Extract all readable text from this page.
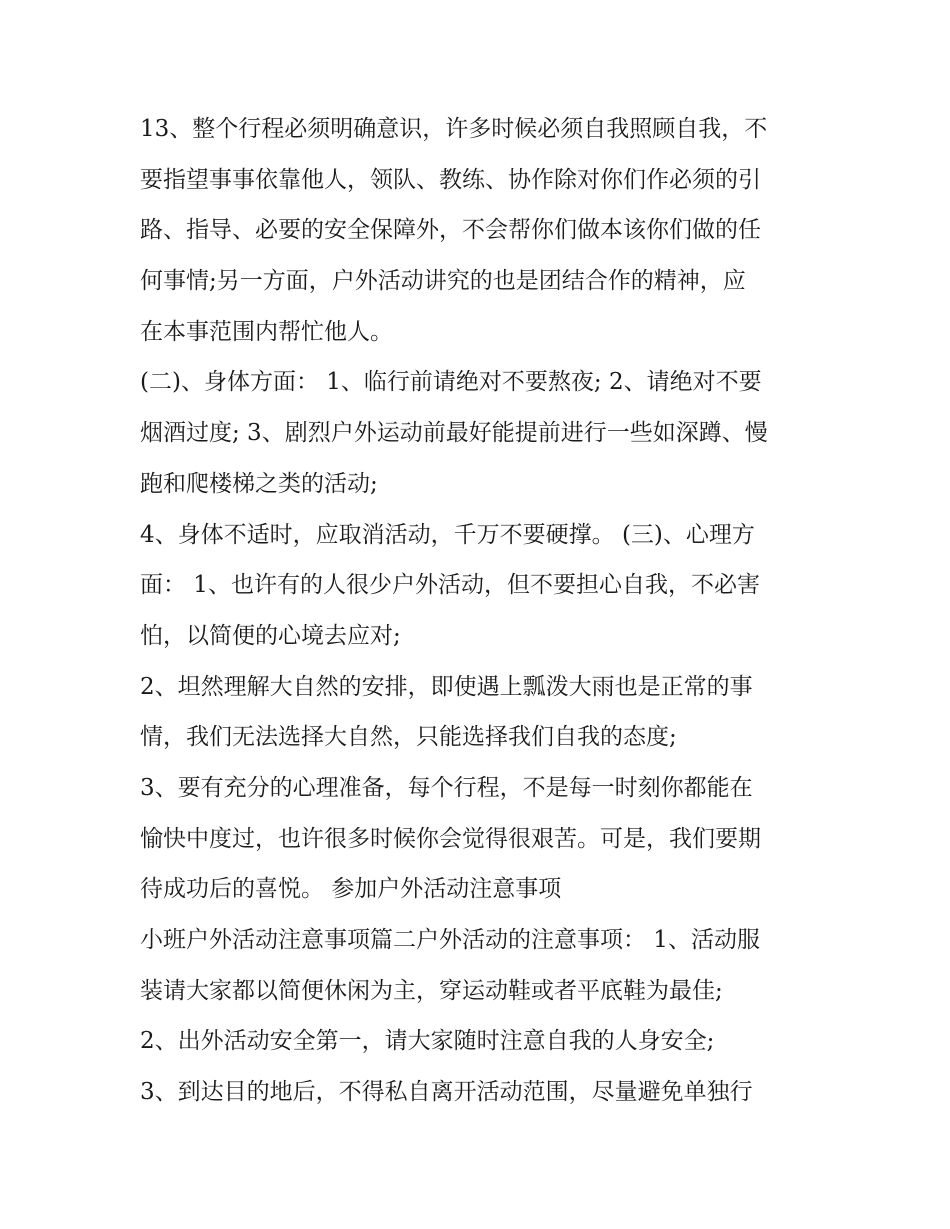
13、整个行程必须明确意识，许多时候必须自我照顾自我，不

要指望事事依靠他人，领队、教练、协作除对你们作必须的引

路、指导、必要的安全保障外，不会帮你们做本该你们做的任

何事情;另一方面，户外活动讲究的也是团结合作的精神，应

在本事范围内帮忙他人。

(二)、身体方面： 1、临行前请绝对不要熬夜; 2、请绝对不要

烟酒过度; 3、剧烈户外运动前最好能提前进行一些如深蹲、慢

跑和爬楼梯之类的活动;

4、身体不适时，应取消活动，千万不要硬撑。 (三)、心理方

面： 1、也许有的人很少户外活动，但不要担心自我，不必害

怕，以简便的心境去应对;

2、坦然理解大自然的安排，即使遇上瓢泼大雨也是正常的事

情，我们无法选择大自然，只能选择我们自我的态度;

3、要有充分的心理准备，每个行程，不是每一时刻你都能在

愉快中度过，也许很多时候你会觉得很艰苦。可是，我们要期

待成功后的喜悦。 参加户外活动注意事项

小班户外活动注意事项篇二户外活动的注意事项： 1、活动服

装请大家都以简便休闲为主，穿运动鞋或者平底鞋为最佳;

2、出外活动安全第一，请大家随时注意自我的人身安全;

3、到达目的地后，不得私自离开活动范围，尽量避免单独行
